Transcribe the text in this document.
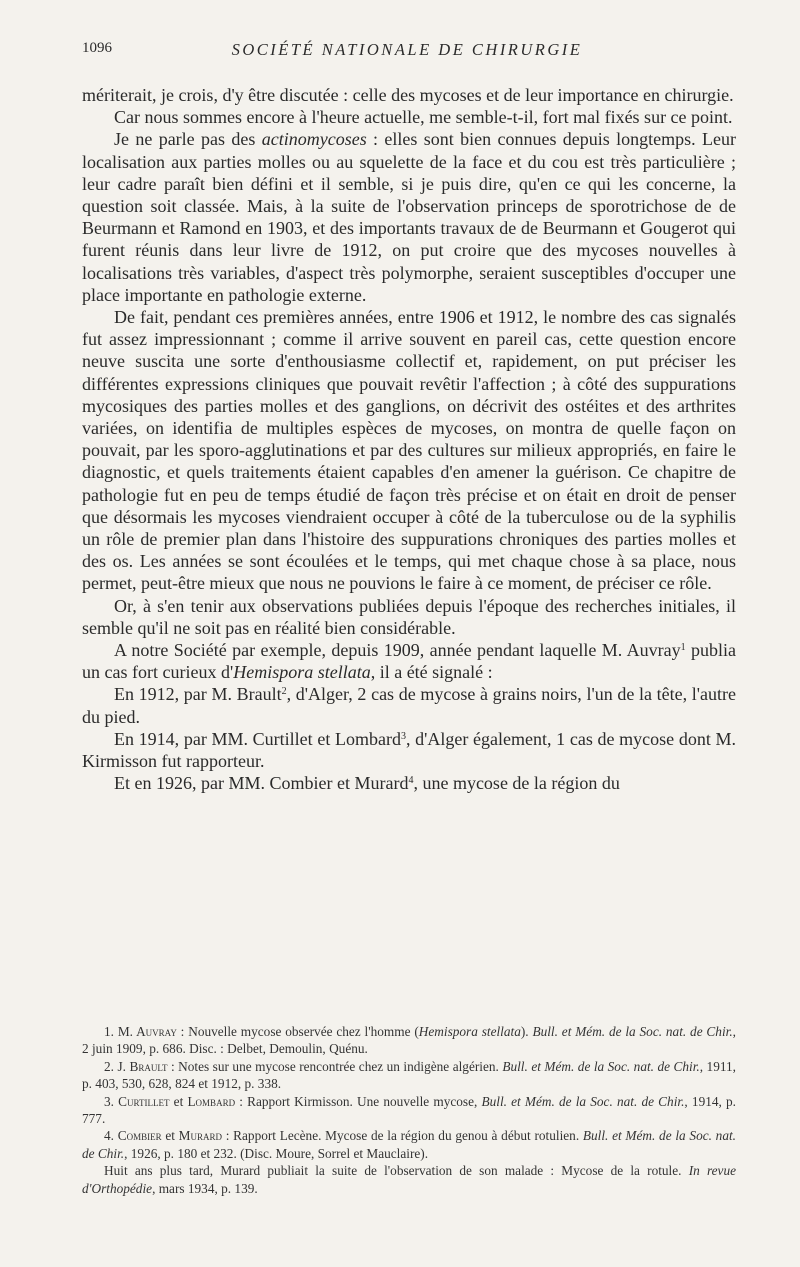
1096	SOCIÉTÉ NATIONALE DE CHIRURGIE

mériterait, je crois, d'y être discutée : celle des mycoses et de leur importance en chirurgie.

Car nous sommes encore à l'heure actuelle, me semble-t-il, fort mal fixés sur ce point.

Je ne parle pas des actinomycoses : elles sont bien connues depuis longtemps. Leur localisation aux parties molles ou au squelette de la face et du cou est très particulière ; leur cadre paraît bien défini et il semble, si je puis dire, qu'en ce qui les concerne, la question soit classée. Mais, à la suite de l'observation princeps de sporotrichose de de Beurmann et Ramond en 1903, et des importants travaux de de Beurmann et Gougerot qui furent réunis dans leur livre de 1912, on put croire que des mycoses nouvelles à localisations très variables, d'aspect très polymorphe, seraient susceptibles d'occuper une place importante en pathologie externe.

De fait, pendant ces premières années, entre 1906 et 1912, le nombre des cas signalés fut assez impressionnant ; comme il arrive souvent en pareil cas, cette question encore neuve suscita une sorte d'enthousiasme collectif et, rapidement, on put préciser les différentes expressions cliniques que pouvait revêtir l'affection ; à côté des suppurations mycosiques des parties molles et des ganglions, on décrivit des ostéites et des arthrites variées, on identifia de multiples espèces de mycoses, on montra de quelle façon on pouvait, par les sporo-agglutinations et par des cultures sur milieux appropriés, en faire le diagnostic, et quels traitements étaient capables d'en amener la guérison. Ce chapitre de pathologie fut en peu de temps étudié de façon très précise et on était en droit de penser que désormais les mycoses viendraient occuper à côté de la tuberculose ou de la syphilis un rôle de premier plan dans l'histoire des suppurations chroniques des parties molles et des os. Les années se sont écoulées et le temps, qui met chaque chose à sa place, nous permet, peut-être mieux que nous ne pouvions le faire à ce moment, de préciser ce rôle.

Or, à s'en tenir aux observations publiées depuis l'époque des recherches initiales, il semble qu'il ne soit pas en réalité bien considérable.

A notre Société par exemple, depuis 1909, année pendant laquelle M. Auvray$^1$ publia un cas fort curieux d'Hemispora stellata, il a été signalé :

En 1912, par M. Brault$^2$, d'Alger, 2 cas de mycose à grains noirs, l'un de la tête, l'autre du pied.

En 1914, par MM. Curtillet et Lombard$^3$, d'Alger également, 1 cas de mycose dont M. Kirmisson fut rapporteur.

Et en 1926, par MM. Combier et Murard$^4$, une mycose de la région du

1. M. Auvray : Nouvelle mycose observée chez l'homme (Hemispora stellata). Bull. et Mém. de la Soc. nat. de Chir., 2 juin 1909, p. 686. Disc. : Delbet, Demoulin, Quénu.

2. J. Brault : Notes sur une mycose rencontrée chez un indigène algérien. Bull. et Mém. de la Soc. nat. de Chir., 1911, p. 403, 530, 628, 824 et 1912, p. 338.

3. Curtillet et Lombard : Rapport Kirmisson. Une nouvelle mycose, Bull. et Mém. de la Soc. nat. de Chir., 1914, p. 777.

4. Combier et Murard : Rapport Lecène. Mycose de la région du genou à début rotulien. Bull. et Mém. de la Soc. nat. de Chir., 1926, p. 180 et 232. (Disc. Moure, Sorrel et Mauclaire).

Huit ans plus tard, Murard publiait la suite de l'observation de son malade : Mycose de la rotule. In revue d'Orthopédie, mars 1934, p. 139.
